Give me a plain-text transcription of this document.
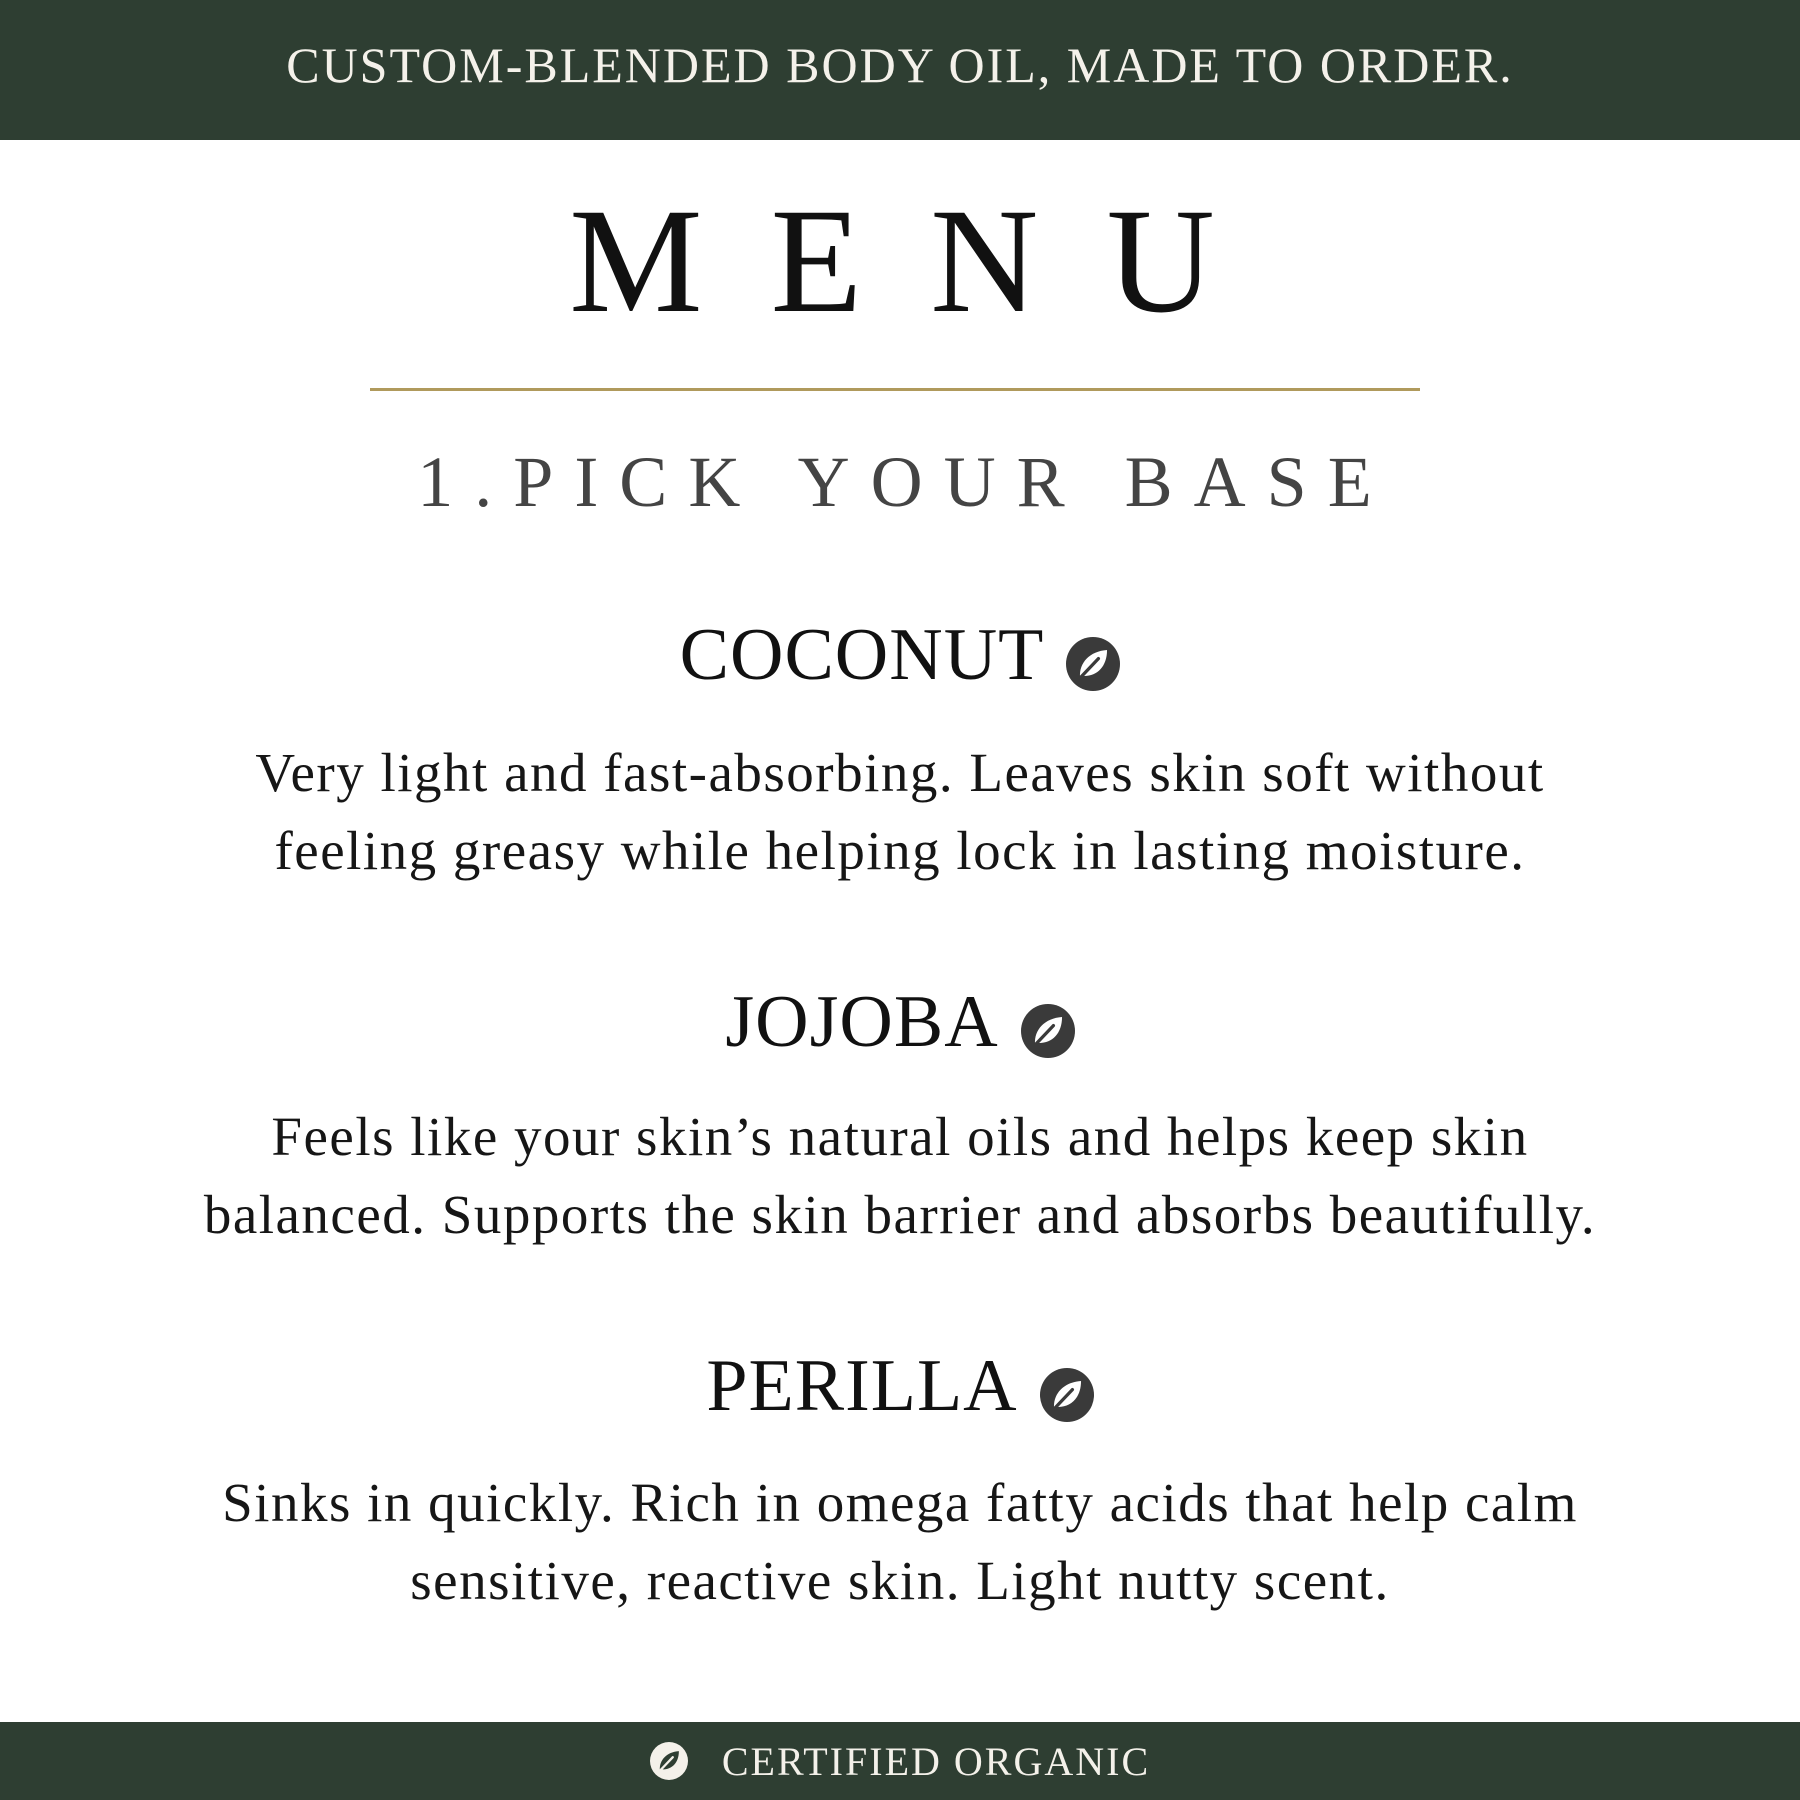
CUSTOM-BLENDED BODY OIL, MADE TO ORDER.
MENU
1.PICK YOUR BASE
COCONUT
Very light and fast-absorbing. Leaves skin soft without
feeling greasy while helping lock in lasting moisture.
JOJOBA
Feels like your skin’s natural oils and helps keep skin
balanced. Supports the skin barrier and absorbs beautifully.
PERILLA
Sinks in quickly. Rich in omega fatty acids that help calm
sensitive, reactive skin. Light nutty scent.
CERTIFIED ORGANIC
